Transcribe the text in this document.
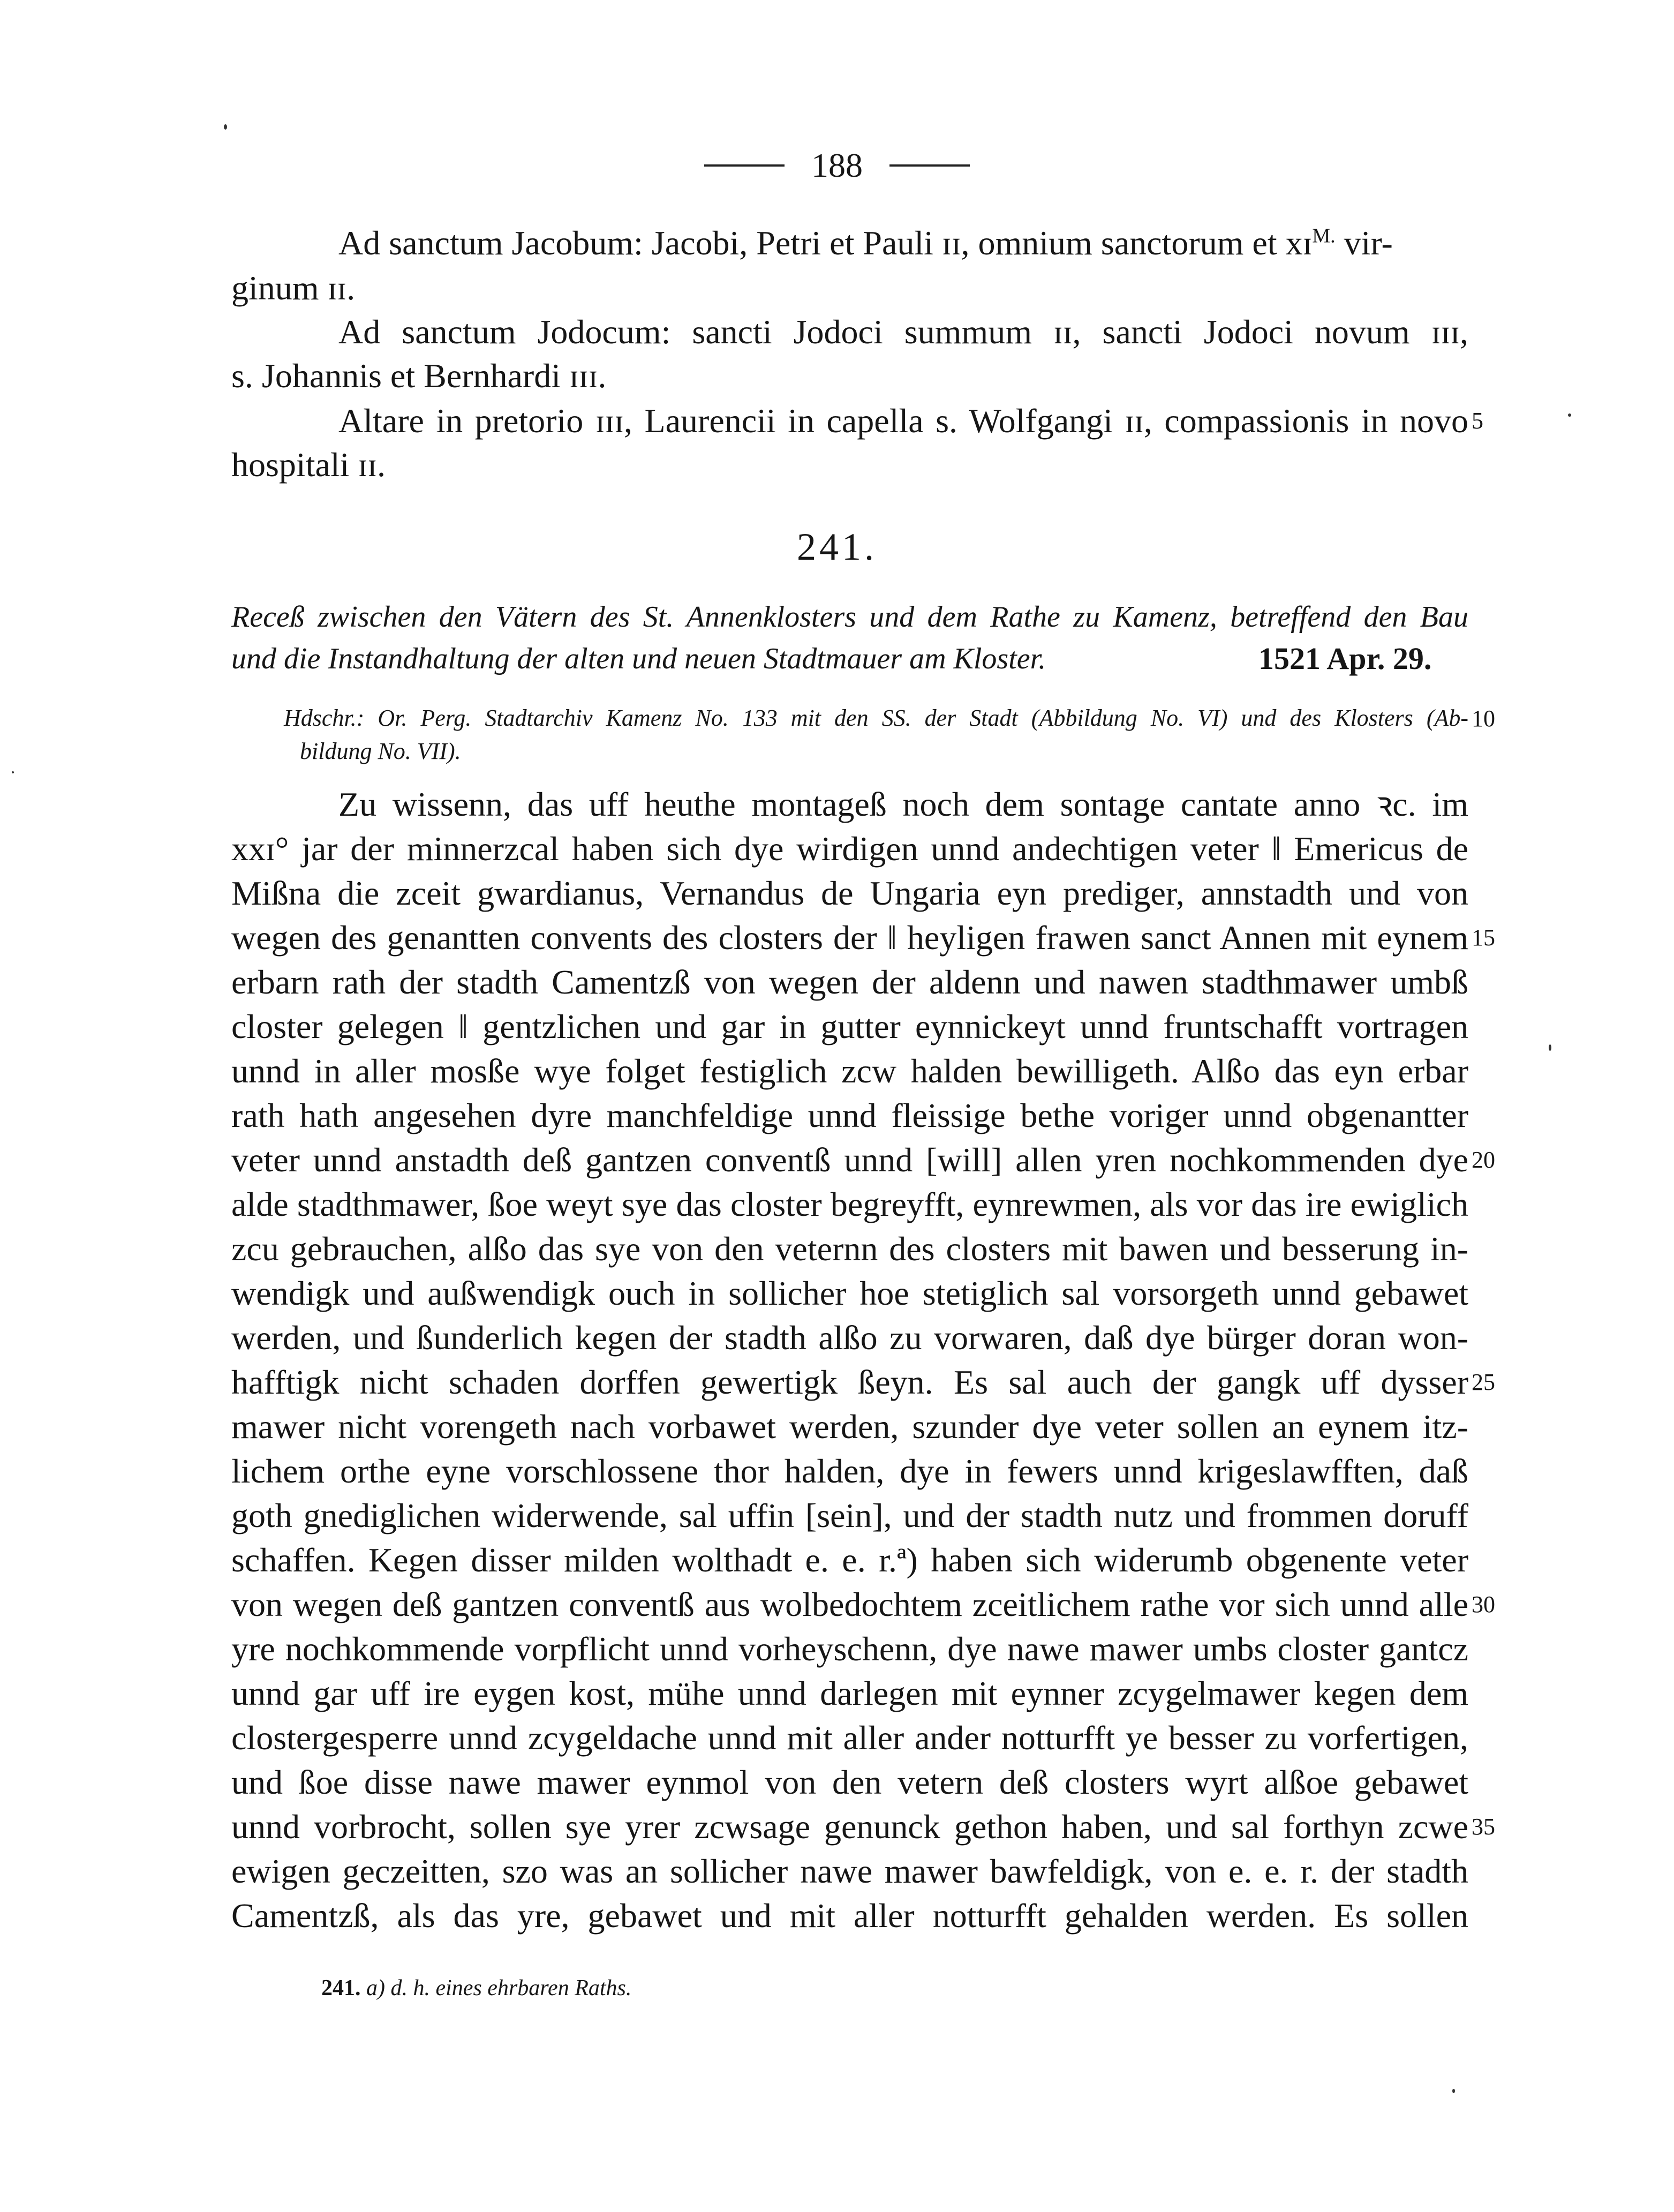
188
Ad sanctum Jacobum: Jacobi, Petri et Pauli ɪɪ, omnium sanctorum et xɪ$^{M.}$ vir-
ginum ɪɪ.
Ad sanctum Jodocum: sancti Jodoci summum ɪɪ, sancti Jodoci novum ɪɪɪ,
s. Johannis et Bernhardi ɪɪɪ.
Altare in pretorio ɪɪɪ, Laurencii in capella s. Wolfgangi ɪɪ, compassionis in novo
hospitali ɪɪ.
241.
Receß zwischen den Vätern des St. Annenklosters und dem Rathe zu Kamenz, betreffend den Bau
und die Instandhaltung der alten und neuen Stadtmauer am Kloster.	1521 Apr. 29.
Hdschr.: Or. Perg. Stadtarchiv Kamenz No. 133 mit den SS. der Stadt (Abbildung No. VI) und des Klosters (Ab-
bildung No. VII).
Zu wissenn, das uff heuthe montageß noch dem sontage cantate anno ꝛc. im
xxɪ° jar der minnerzcal haben sich dye wirdigen unnd andechtigen veter ‖ Emericus de
Mißna die zceit gwardianus, Vernandus de Ungaria eyn prediger, annstadth und von
wegen des genantten convents des closters der ‖ heyligen frawen sanct Annen mit eynem
erbarn rath der stadth Camentzß von wegen der aldenn und nawen stadthmawer umbß
closter gelegen ‖ gentzlichen und gar in gutter eynnickeyt unnd fruntschafft vortragen
unnd in aller mosße wye folget festiglich zcw halden bewilligeth. Alßo das eyn erbar
rath hath angesehen dyre manchfeldige unnd fleissige bethe voriger unnd obgenantter
veter unnd anstadth deß gantzen conventß unnd [will] allen yren nochkommenden dye
alde stadthmawer, ßoe weyt sye das closter begreyfft, eynrewmen, als vor das ire ewiglich
zcu gebrauchen, alßo das sye von den veternn des closters mit bawen und besserung in-
wendigk und außwendigk ouch in sollicher hoe stetiglich sal vorsorgeth unnd gebawet
werden, und ßunderlich kegen der stadth alßo zu vorwaren, daß dye bürger doran won-
hafftigk nicht schaden dorffen gewertigk ßeyn. Es sal auch der gangk uff dysser
mawer nicht vorengeth nach vorbawet werden, szunder dye veter sollen an eynem itz-
lichem orthe eyne vorschlossene thor halden, dye in fewers unnd krigeslawfften, daß
goth gnediglichen widerwende, sal uffin [sein], und der stadth nutz und frommen doruff
schaffen. Kegen disser milden wolthadt e. e. r.ª) haben sich widerumb obgenente veter
von wegen deß gantzen conventß aus wolbedochtem zceitlichem rathe vor sich unnd alle
yre nochkommende vorpflicht unnd vorheyschenn, dye nawe mawer umbs closter gantcz
unnd gar uff ire eygen kost, mühe unnd darlegen mit eynner zcygelmawer kegen dem
clostergesperre unnd zcygeldache unnd mit aller ander notturfft ye besser zu vorfertigen,
und ßoe disse nawe mawer eynmol von den vetern deß closters wyrt alßoe gebawet
unnd vorbrocht, sollen sye yrer zcwsage genunck gethon haben, und sal forthyn zcwe
ewigen geczeitten, szo was an sollicher nawe mawer bawfeldigk, von e. e. r. der stadth
Camentzß, als das yre, gebawet und mit aller notturfft gehalden werden. Es sollen
5
10
15
20
25
30
35
241. a) d. h. eines ehrbaren Raths.
